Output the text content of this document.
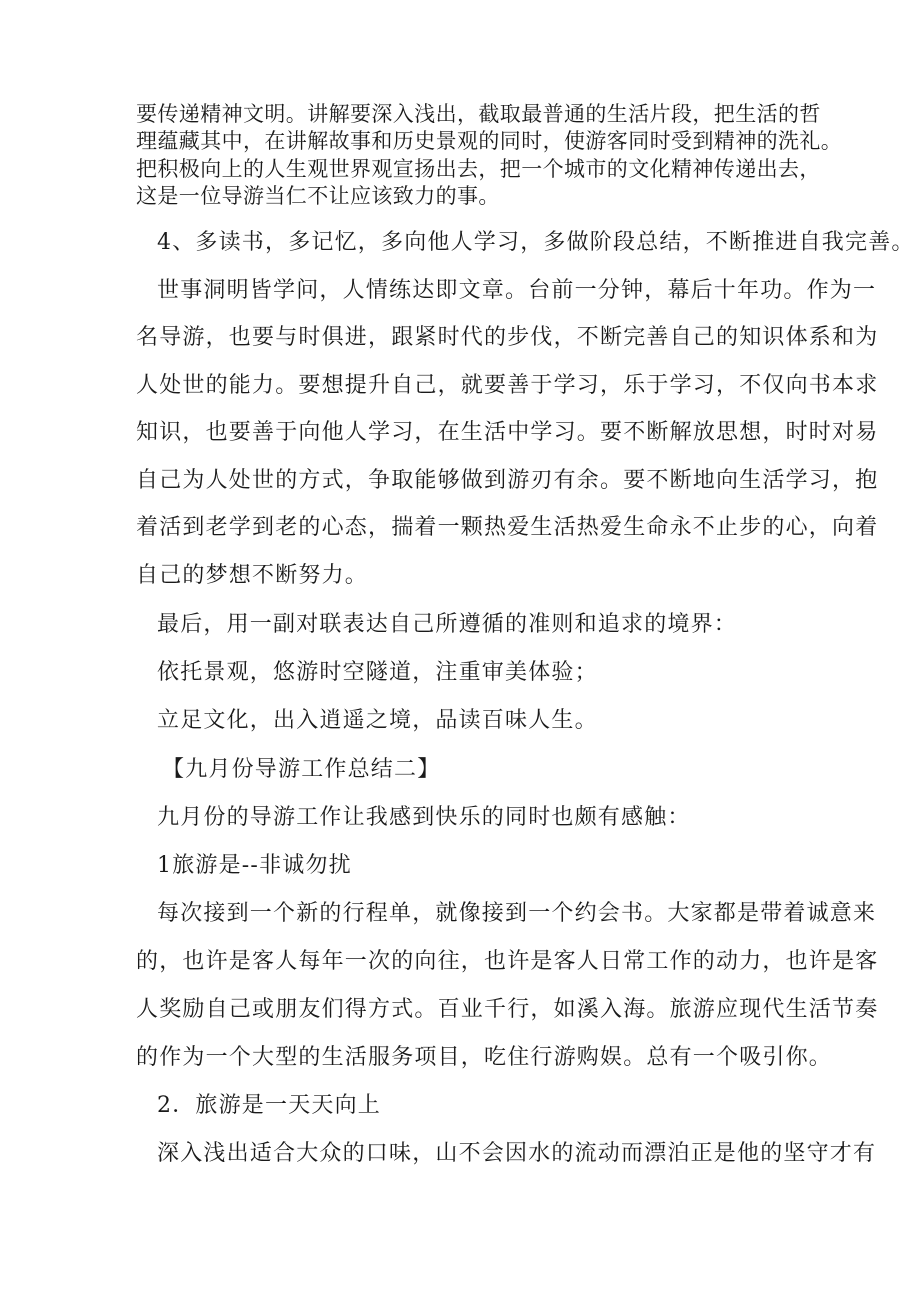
要传递精神文明。讲解要深入浅出，截取最普通的生活片段，把生活的哲

理蕴藏其中，在讲解故事和历史景观的同时，使游客同时受到精神的洗礼。

把积极向上的人生观世界观宣扬出去，把一个城市的文化精神传递出去，

这是一位导游当仁不让应该致力的事。

4、多读书，多记忆，多向他人学习，多做阶段总结，不断推进自我完善。

世事洞明皆学问，人情练达即文章。台前一分钟，幕后十年功。作为一

名导游，也要与时俱进，跟紧时代的步伐，不断完善自己的知识体系和为

人处世的能力。要想提升自己，就要善于学习，乐于学习，不仅向书本求

知识，也要善于向他人学习，在生活中学习。要不断解放思想，时时对易

自己为人处世的方式，争取能够做到游刃有余。要不断地向生活学习，抱

着活到老学到老的心态，揣着一颗热爱生活热爱生命永不止步的心，向着

自己的梦想不断努力。

最后，用一副对联表达自己所遵循的准则和追求的境界：

依托景观，悠游时空隧道，注重审美体验；

立足文化，出入逍遥之境，品读百味人生。

【九月份导游工作总结二】

九月份的导游工作让我感到快乐的同时也颇有感触：

1旅游是--非诚勿扰

每次接到一个新的行程单，就像接到一个约会书。大家都是带着诚意来

的，也许是客人每年一次的向往，也许是客人日常工作的动力，也许是客

人奖励自己或朋友们得方式。百业千行，如溪入海。旅游应现代生活节奏

的作为一个大型的生活服务项目，吃住行游购娱。总有一个吸引你。

2．旅游是一天天向上

深入浅出适合大众的口味，山不会因水的流动而漂泊正是他的坚守才有
